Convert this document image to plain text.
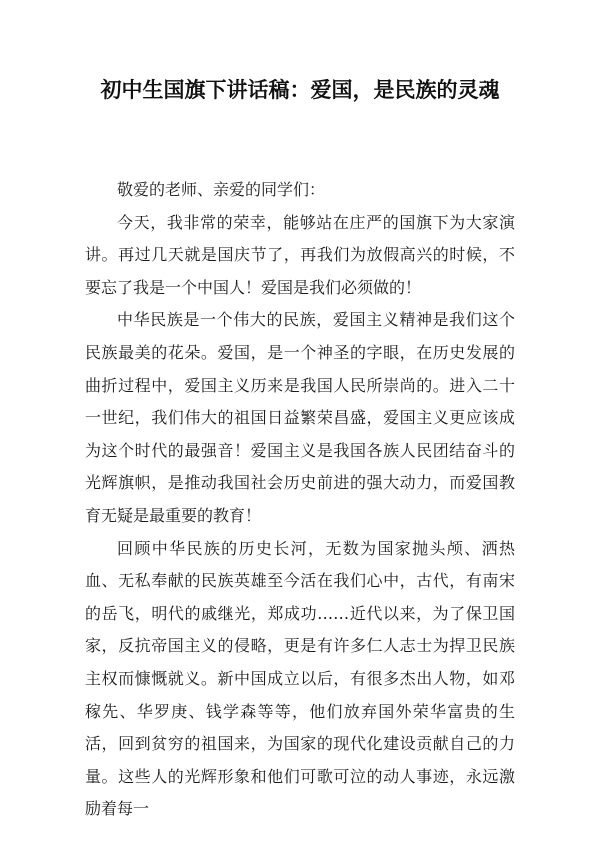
初中生国旗下讲话稿：爱国，是民族的灵魂

敬爱的老师、亲爱的同学们：

今天，我非常的荣幸，能够站在庄严的国旗下为大家演讲。再过几天就是国庆节了，再我们为放假高兴的时候，不要忘了我是一个中国人！爱国是我们必须做的！

中华民族是一个伟大的民族，爱国主义精神是我们这个民族最美的花朵。爱国，是一个神圣的字眼，在历史发展的曲折过程中，爱国主义历来是我国人民所崇尚的。进入二十一世纪，我们伟大的祖国日益繁荣昌盛，爱国主义更应该成为这个时代的最强音！爱国主义是我国各族人民团结奋斗的光辉旗帜，是推动我国社会历史前进的强大动力，而爱国教育无疑是最重要的教育！

回顾中华民族的历史长河，无数为国家抛头颅、洒热血、无私奉献的民族英雄至今活在我们心中，古代，有南宋的岳飞，明代的戚继光，郑成功……近代以来，为了保卫国家，反抗帝国主义的侵略，更是有许多仁人志士为捍卫民族主权而慷慨就义。新中国成立以后，有很多杰出人物，如邓稼先、华罗庚、钱学森等等，他们放弃国外荣华富贵的生活，回到贫穷的祖国来，为国家的现代化建设贡献自己的力量。这些人的光辉形象和他们可歌可泣的动人事迹，永远激励着每一
